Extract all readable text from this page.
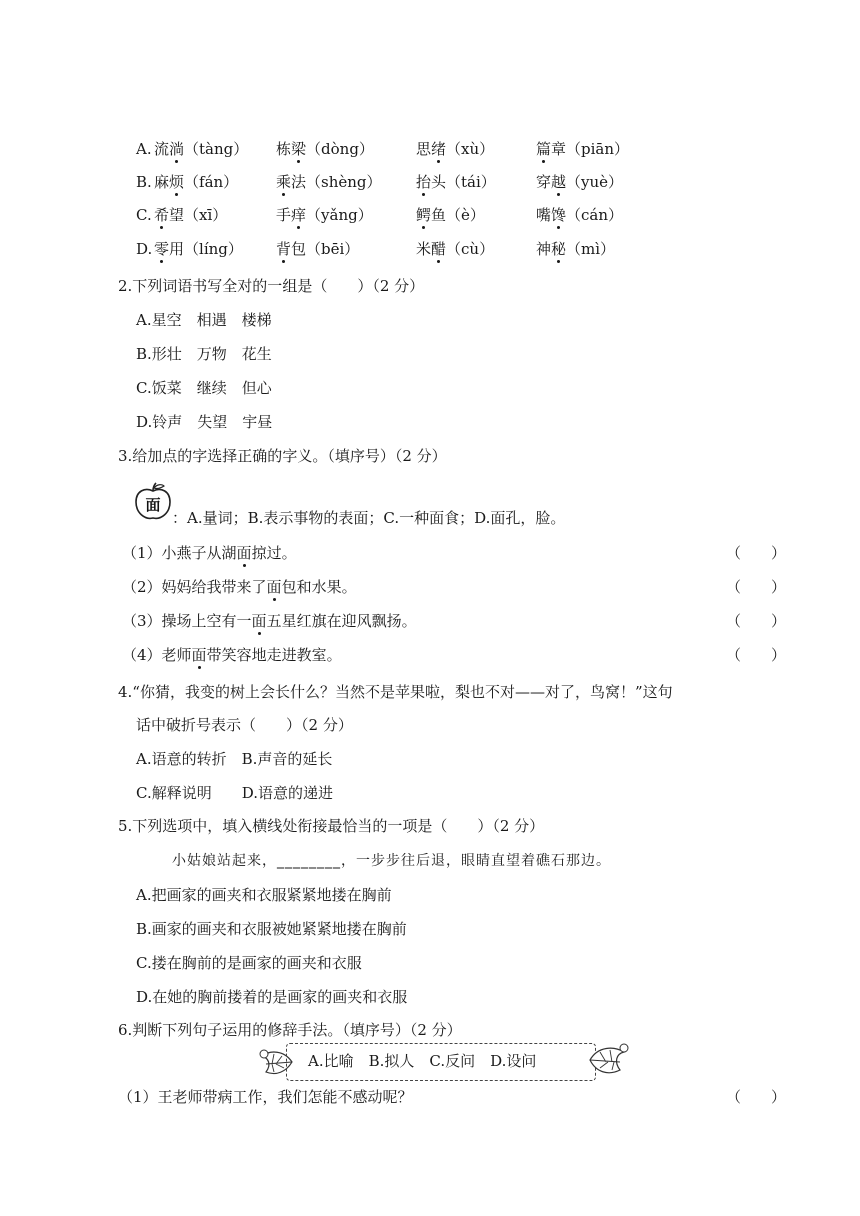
A. 流淌（tàng） 栋梁（dòng）	思绪（xù）	篇章（piān）
B. 麻烦（fán）	乘法（shèng） 抬头（tái）	穿越（yuè）
C. 希望（xī）	手痒（yǎng）	鳄鱼（è）	嘴馋（cán）
D. 零用（líng） 背包（bēi）	米醋（cù）	神秘（mì）
2.下列词语书写全对的一组是（　　）（2 分）
A.星空　相遇　楼梯
B.形壮　万物　花生
C.饭菜　继续　但心
D.铃声　失望　宇昼
3.给加点的字选择正确的字义。（填序号）（2 分）
面
：A.量词；B.表示事物的表面；C.一种面食；D.面孔，脸。
（1）小燕子从湖面掠过。	（　　）
（2）妈妈给我带来了面包和水果。	（　　）
（3）操场上空有一面五星红旗在迎风飘扬。	（　　）
（4）老师面带笑容地走进教室。	（　　）
4.“你猜，我变的树上会长什么？当然不是苹果啦，梨也不对——对了，鸟窝！”这句
话中破折号表示（　　）（2 分）
A.语意的转折　B.声音的延长
C.解释说明　　D.语意的递进
5.下列选项中，填入横线处衔接最恰当的一项是（　　）（2 分）
小姑娘站起来，________，一步步往后退，眼睛直望着礁石那边。
A.把画家的画夹和衣服紧紧地搂在胸前
B.画家的画夹和衣服被她紧紧地搂在胸前
C.搂在胸前的是画家的画夹和衣服
D.在她的胸前搂着的是画家的画夹和衣服
6.判断下列句子运用的修辞手法。（填序号）（2 分）
A.比喻　B.拟人　C.反问　D.设问
（1）王老师带病工作，我们怎能不感动呢？	（　　）
